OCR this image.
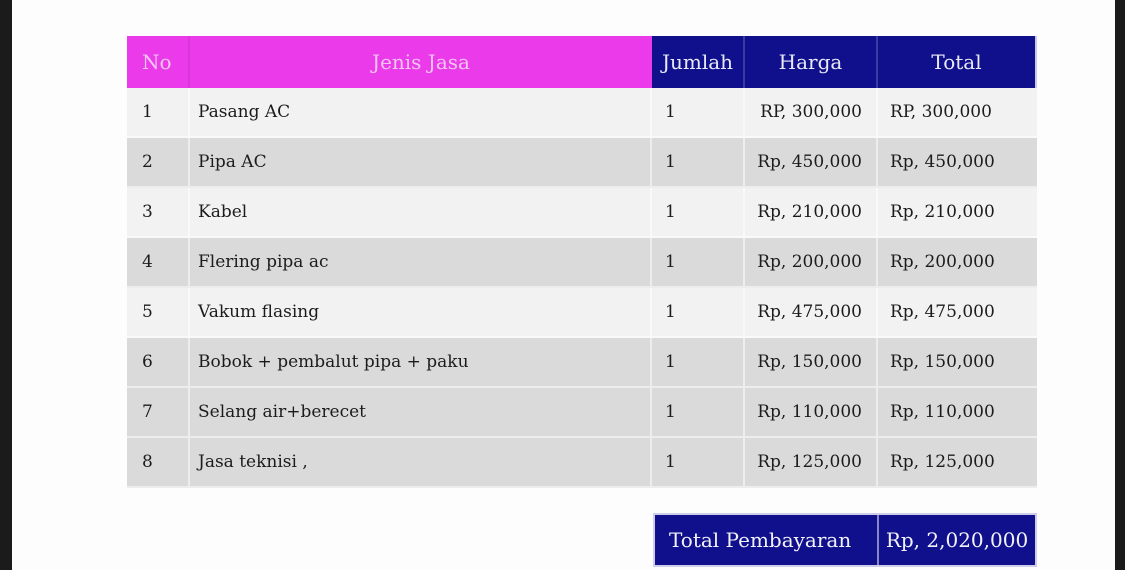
No	Jenis Jasa	Jumlah	Harga	Total
1	Pasang AC	1	RP, 300,000	RP, 300,000
2	Pipa AC	1	Rp, 450,000	Rp, 450,000
3	Kabel	1	Rp, 210,000	Rp, 210,000
4	Flering pipa ac	1	Rp, 200,000	Rp, 200,000
5	Vakum flasing	1	Rp, 475,000	Rp, 475,000
6	Bobok + pembalut pipa + paku	1	Rp, 150,000	Rp, 150,000
7	Selang air+berecet	1	Rp, 110,000	Rp, 110,000
8	Jasa teknisi ,	1	Rp, 125,000	Rp, 125,000
Total Pembayaran	Rp, 2,020,000
